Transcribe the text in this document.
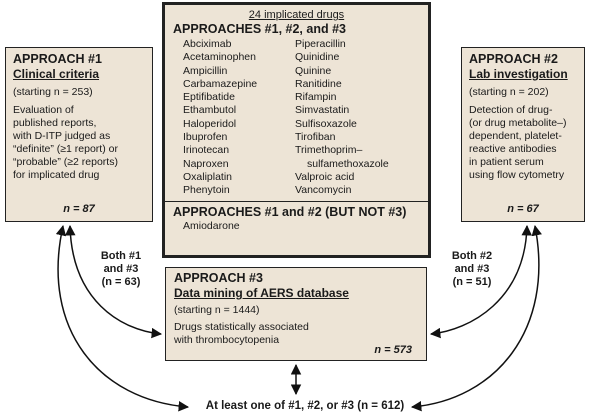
24 implicated drugs
APPROACHES #1, #2, and #3
Abciximab
Acetaminophen
Ampicillin
Carbamazepine
Eptifibatide
Ethambutol
Haloperidol
Ibuprofen
Irinotecan
Naproxen
Oxaliplatin
Phenytoin
Piperacillin
Quinidine
Quinine
Ranitidine
Rifampin
Simvastatin
Sulfisoxazole
Tirofiban
Trimethoprim–
sulfamethoxazole
Valproic acid
Vancomycin
APPROACHES #1 and #2 (BUT NOT #3)
Amiodarone
APPROACH #1
Clinical criteria
(starting n = 253)
Evaluation of
published reports,
with D-ITP judged as
“definite” (≥1 report) or
“probable” (≥2 reports)
for implicated drug
n = 87
APPROACH #2
Lab investigation
(starting n = 202)
Detection of drug-
(or drug metabolite–)
dependent, platelet-
reactive antibodies
in patient serum
using flow cytometry
n = 67
APPROACH #3
Data mining of AERS database
(starting n = 1444)
Drugs statistically associated
with thrombocytopenia
n = 573
Both #1
and #3
(n = 63)
Both #2
and #3
(n = 51)
At least one of #1, #2, or #3 (n = 612)
